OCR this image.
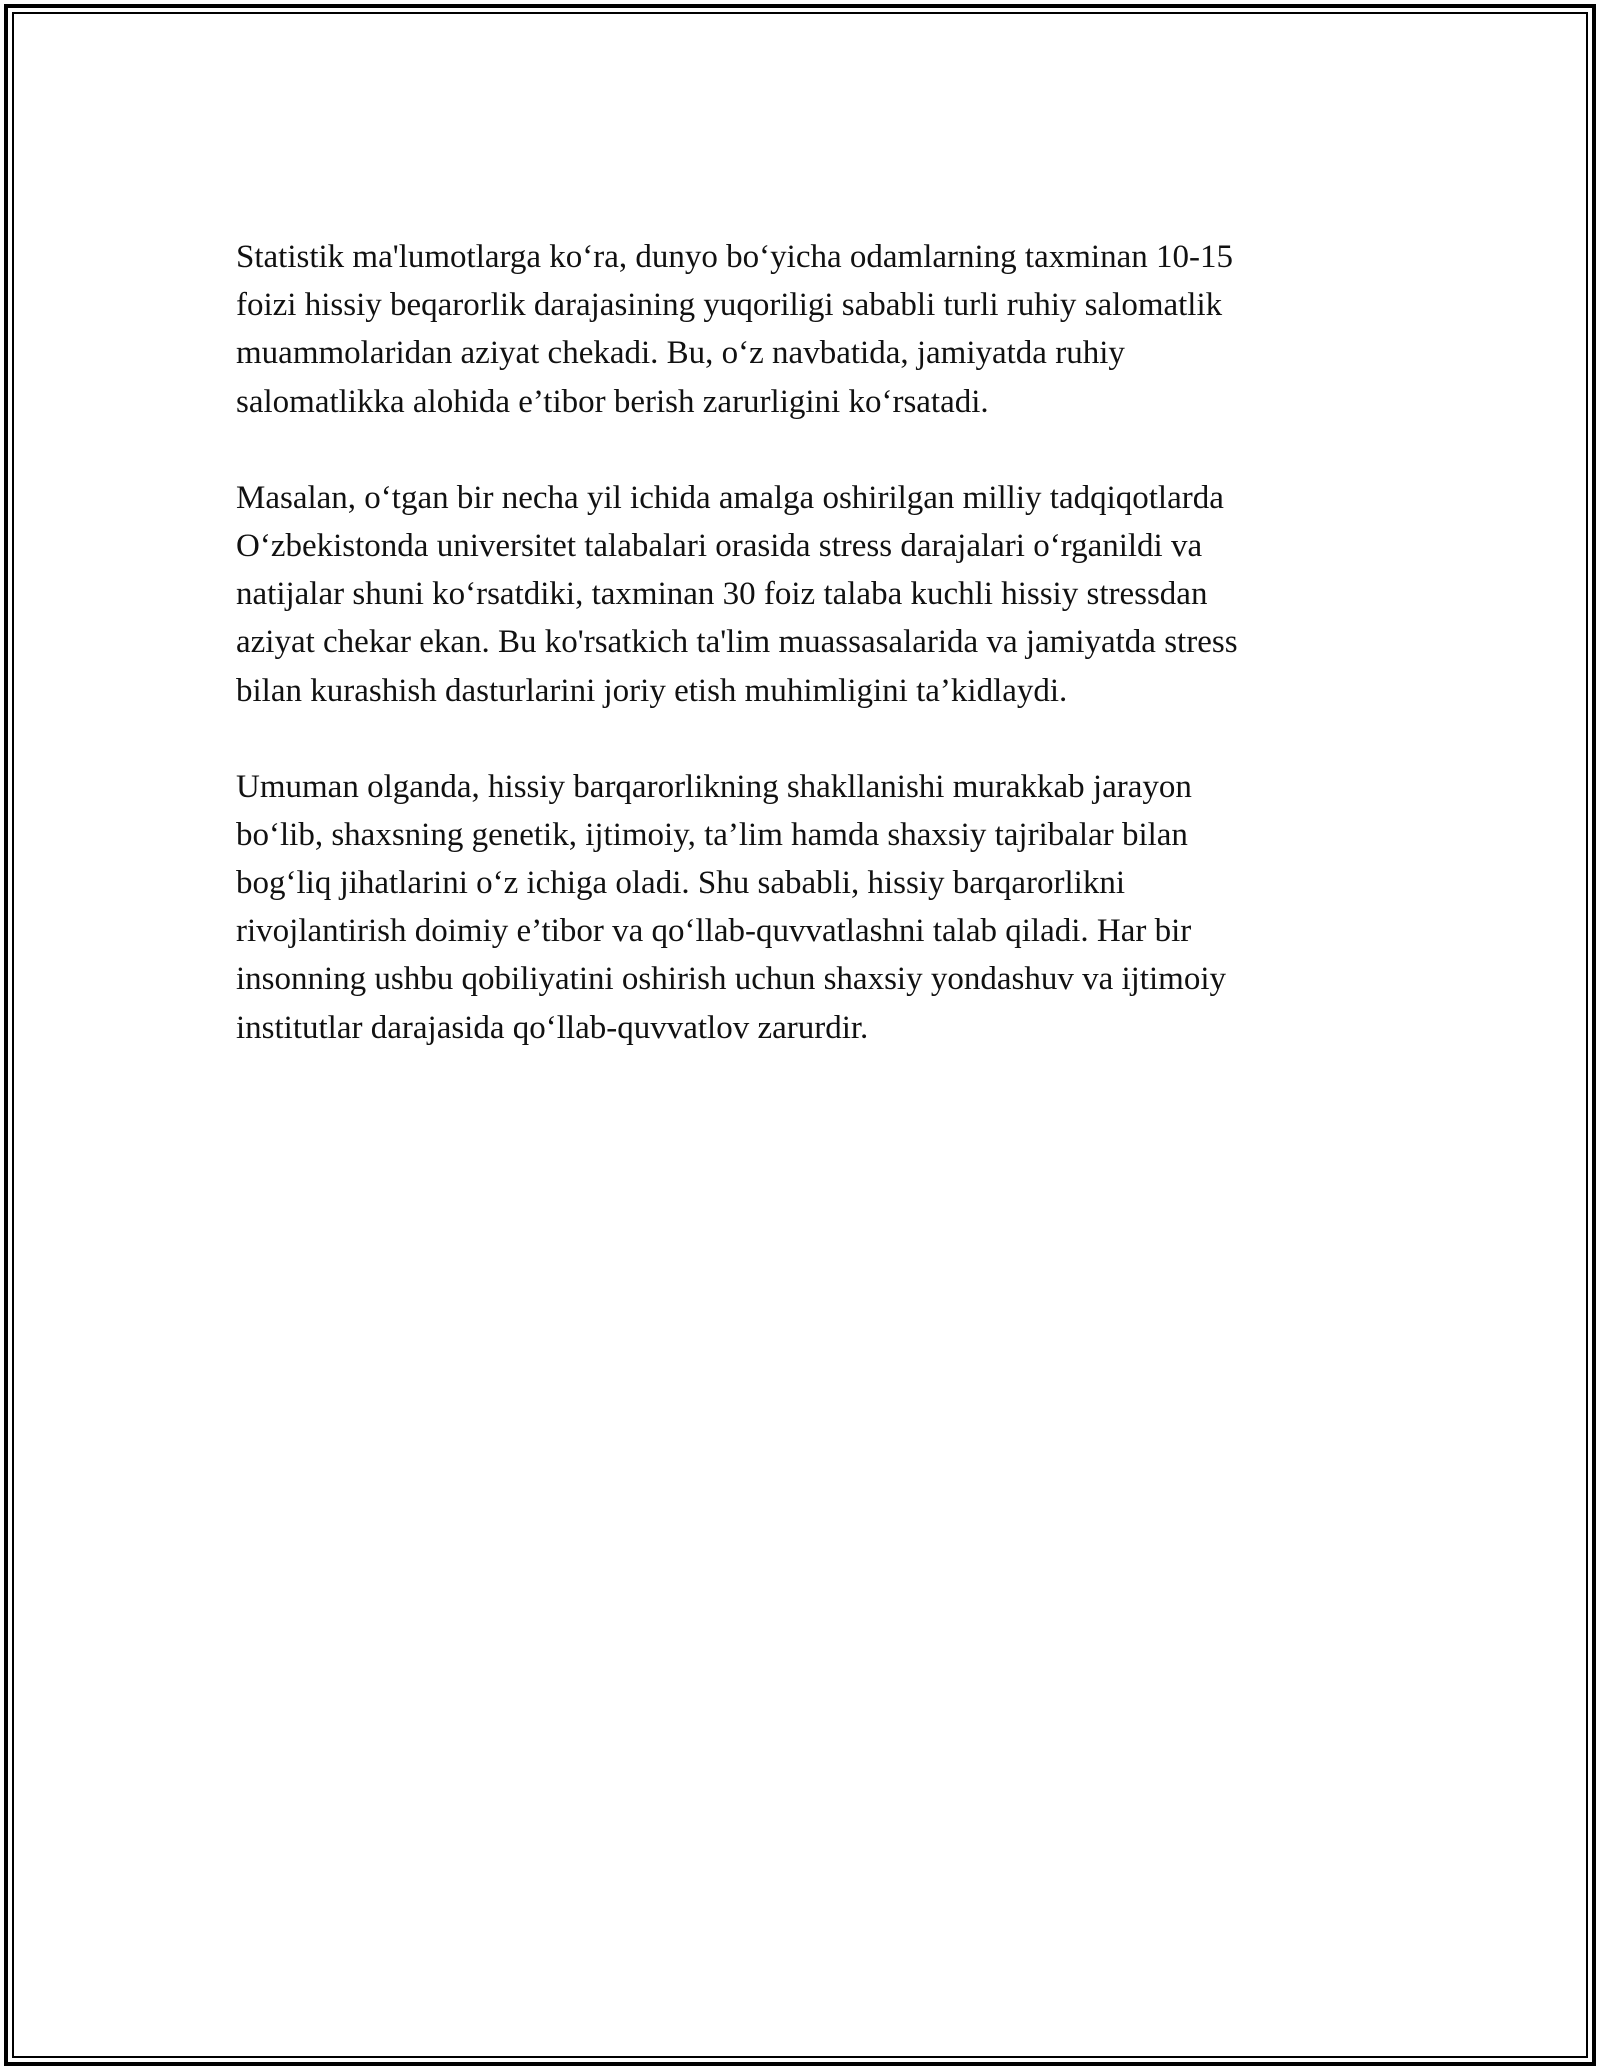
Statistik ma'lumotlarga ko‘ra, dunyo bo‘yicha odamlarning taxminan 10-15
foizi hissiy beqarorlik darajasining yuqoriligi sababli turli ruhiy salomatlik
muammolaridan aziyat chekadi. Bu, o‘z navbatida, jamiyatda ruhiy
salomatlikka alohida e’tibor berish zarurligini ko‘rsatadi.

Masalan, o‘tgan bir necha yil ichida amalga oshirilgan milliy tadqiqotlarda
O‘zbekistonda universitet talabalari orasida stress darajalari o‘rganildi va
natijalar shuni ko‘rsatdiki, taxminan 30 foiz talaba kuchli hissiy stressdan
aziyat chekar ekan. Bu ko'rsatkich ta'lim muassasalarida va jamiyatda stress
bilan kurashish dasturlarini joriy etish muhimligini ta’kidlaydi.

Umuman olganda, hissiy barqarorlikning shakllanishi murakkab jarayon
bo‘lib, shaxsning genetik, ijtimoiy, ta’lim hamda shaxsiy tajribalar bilan
bog‘liq jihatlarini o‘z ichiga oladi. Shu sababli, hissiy barqarorlikni
rivojlantirish doimiy e’tibor va qo‘llab-quvvatlashni talab qiladi. Har bir
insonning ushbu qobiliyatini oshirish uchun shaxsiy yondashuv va ijtimoiy
institutlar darajasida qo‘llab-quvvatlov zarurdir.
